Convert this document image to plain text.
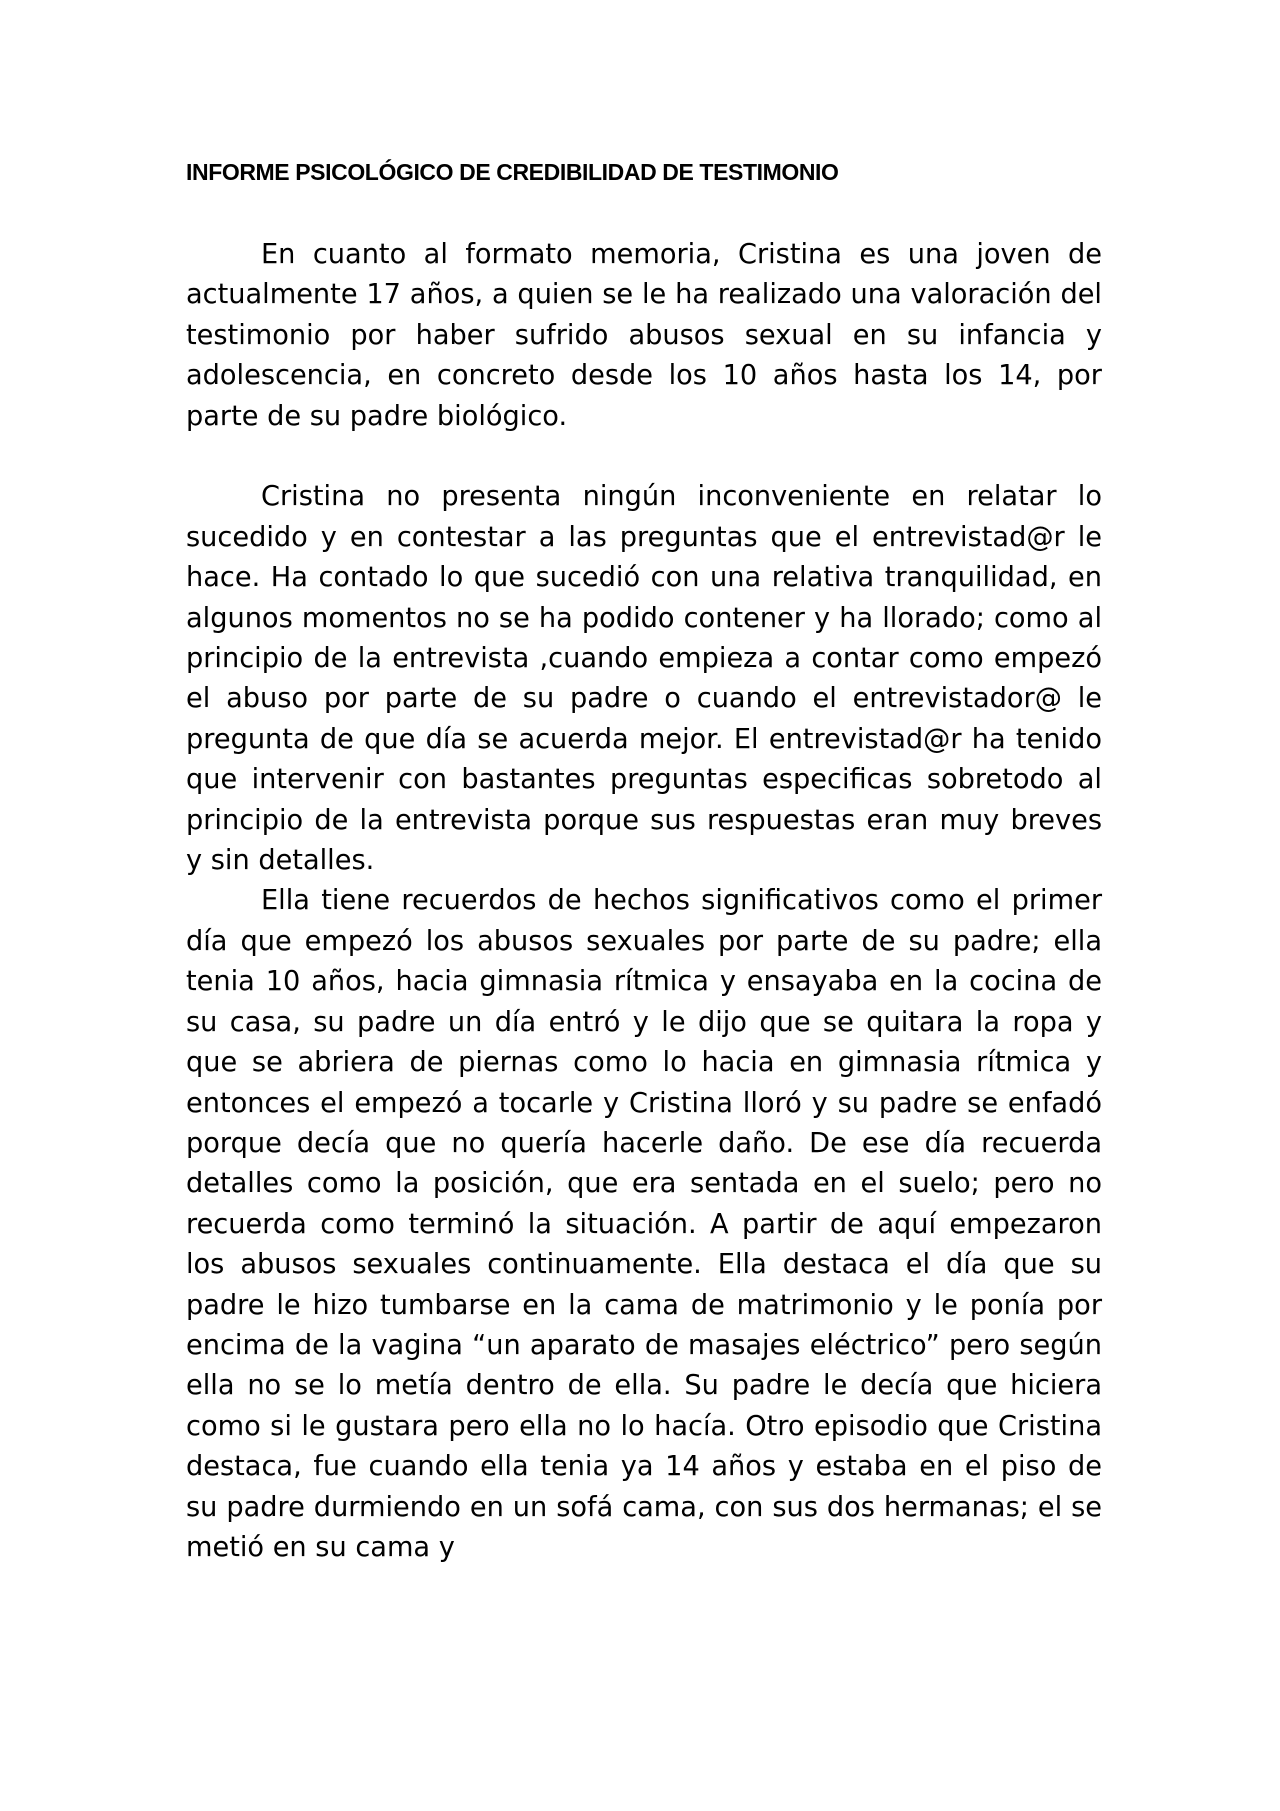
INFORME PSICOLÓGICO DE CREDIBILIDAD DE TESTIMONIO

En cuanto al formato memoria, Cristina es una joven de actualmente 17 años, a quien se le ha realizado una valoración del testimonio por haber sufrido abusos sexual en su infancia y adolescencia, en concreto desde los 10 años hasta los 14, por parte de su padre biológico.

Cristina no presenta ningún inconveniente en relatar lo sucedido y en contestar a las preguntas que el entrevistad@r le hace. Ha contado lo que sucedió con una relativa tranquilidad, en algunos momentos no se ha podido contener y ha llorado; como al principio de la entrevista ,cuando empieza a contar como empezó el abuso por parte de su padre o cuando el entrevistador@ le pregunta de que día se acuerda mejor. El entrevistad@r ha tenido que intervenir con bastantes preguntas especificas sobretodo al principio de la entrevista porque sus respuestas eran muy breves y sin detalles.

Ella tiene recuerdos de hechos significativos como el primer día que empezó los abusos sexuales por parte de su padre; ella tenia 10 años, hacia gimnasia rítmica y ensayaba en la cocina de su casa, su padre un día entró y le dijo que se quitara la ropa y que se abriera de piernas como lo hacia en gimnasia rítmica y entonces el empezó a tocarle y Cristina lloró y su padre se enfadó porque decía que no quería hacerle daño. De ese día recuerda detalles como la posición, que era sentada en el suelo; pero no recuerda como terminó la situación. A partir de aquí empezaron los abusos sexuales continuamente. Ella destaca el día que su padre le hizo tumbarse en la cama de matrimonio y le ponía por encima de la vagina “un aparato de masajes eléctrico” pero según ella no se lo metía dentro de ella. Su padre le decía que hiciera como si le gustara pero ella no lo hacía. Otro episodio que Cristina destaca, fue cuando ella tenia ya 14 años y estaba en el piso de su padre durmiendo en un sofá cama, con sus dos hermanas; el se metió en su cama y
